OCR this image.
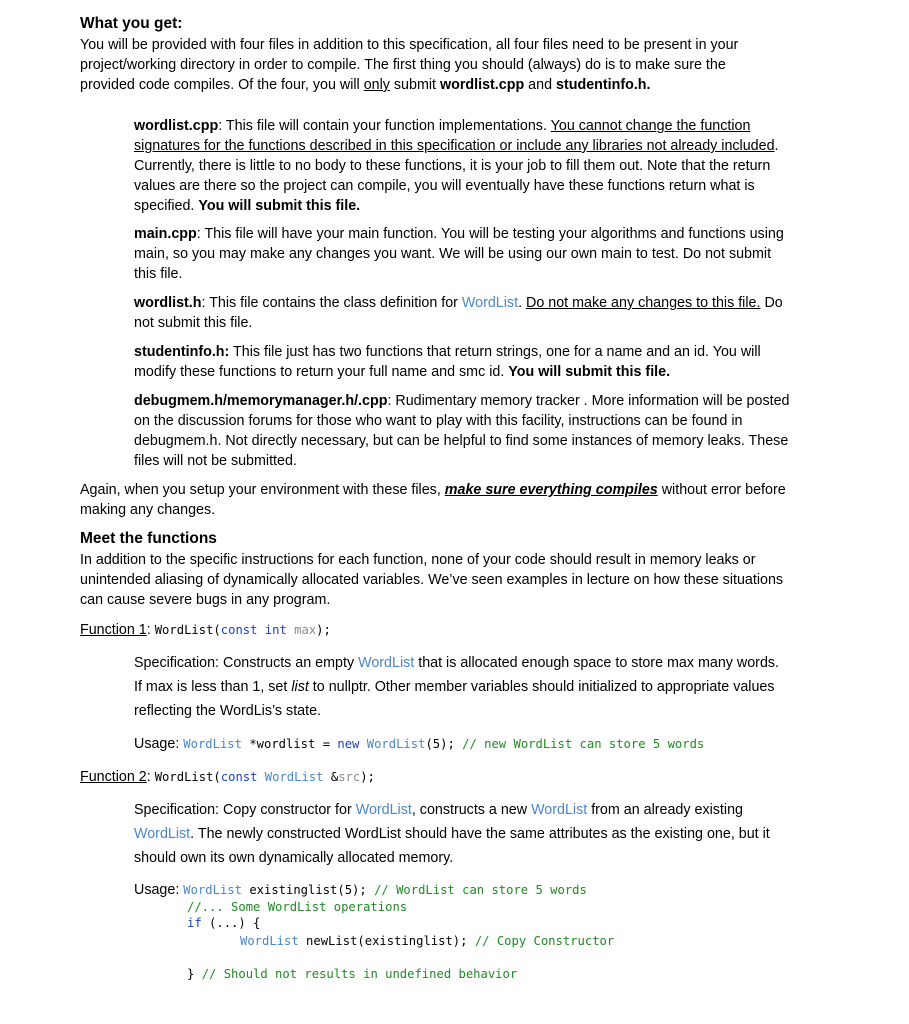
What you get:
You will be provided with four files in addition to this specification, all four files need to be present in your
project/working directory in order to compile. The first thing you should (always) do is to make sure the
provided code compiles. Of the four, you will only submit wordlist.cpp and studentinfo.h.
wordlist.cpp: This file will contain your function implementations. You cannot change the function
signatures for the functions described in this specification or include any libraries not already included.
Currently, there is little to no body to these functions, it is your job to fill them out. Note that the return
values are there so the project can compile, you will eventually have these functions return what is
specified. You will submit this file.
main.cpp: This file will have your main function. You will be testing your algorithms and functions using
main, so you may make any changes you want. We will be using our own main to test. Do not submit
this file.
wordlist.h: This file contains the class definition for WordList. Do not make any changes to this file. Do
not submit this file.
studentinfo.h: This file just has two functions that return strings, one for a name and an id. You will
modify these functions to return your full name and smc id. You will submit this file.
debugmem.h/memorymanager.h/.cpp: Rudimentary memory tracker . More information will be posted
on the discussion forums for those who want to play with this facility, instructions can be found in
debugmem.h. Not directly necessary, but can be helpful to find some instances of memory leaks. These
files will not be submitted.
Again, when you setup your environment with these files, make sure everything compiles without error before
making any changes.
Meet the functions
In addition to the specific instructions for each function, none of your code should result in memory leaks or
unintended aliasing of dynamically allocated variables. We’ve seen examples in lecture on how these situations
can cause severe bugs in any program.
Function 1: WordList(const int max);
Specification: Constructs an empty WordList that is allocated enough space to store max many words.
If max is less than 1, set list to nullptr. Other member variables should initialized to appropriate values
reflecting the WordLis’s state.
Usage: WordList *wordlist = new WordList(5); // new WordList can store 5 words
Function 2: WordList(const WordList &src);
Specification: Copy constructor for WordList, constructs a new WordList from an already existing
WordList. The newly constructed WordList should have the same attributes as the existing one, but it
should own its own dynamically allocated memory.
Usage: WordList existinglist(5); // WordList can store 5 words
//... Some WordList operations
if (...) {
WordList newList(existinglist); // Copy Constructor
} // Should not results in undefined behavior
